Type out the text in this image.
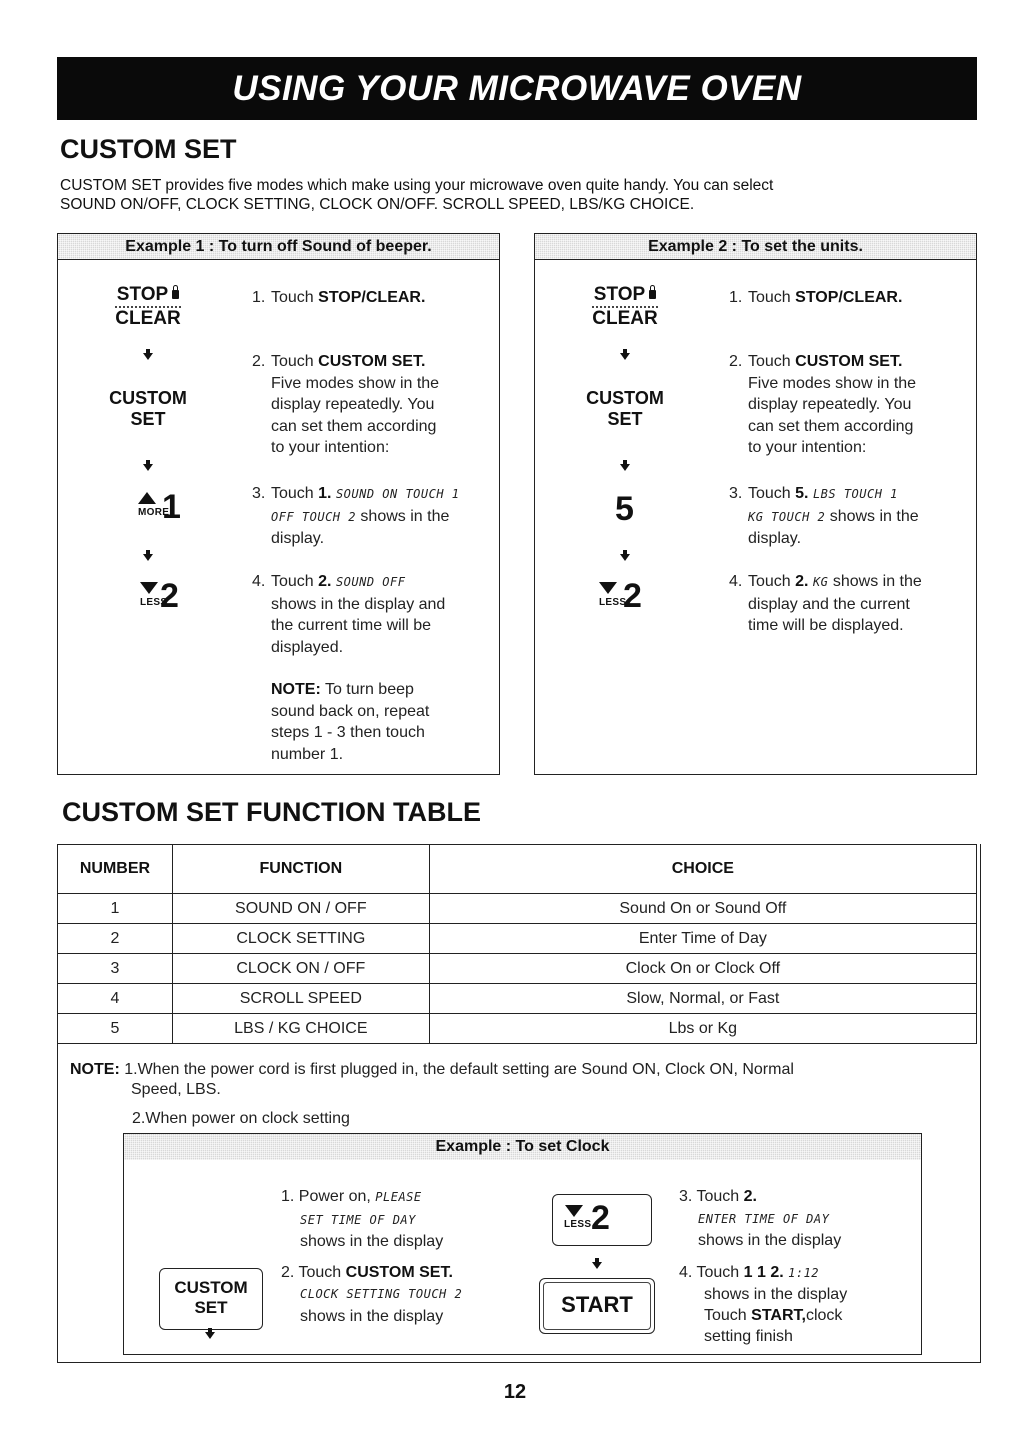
USING YOUR MICROWAVE OVEN
CUSTOM SET
CUSTOM SET provides five modes which make using your microwave oven quite handy. You can select
SOUND ON/OFF, CLOCK SETTING, CLOCK ON/OFF. SCROLL SPEED, LBS/KG CHOICE.
Example 1 : To turn off Sound of beeper.
STOP
CLEAR
CUSTOM
SET
MORE
1
LESS
2
1. Touch STOP/CLEAR.
2. Touch CUSTOM SET.
Five modes show in the
display repeatedly. You
can set them according
to your intention:
3. Touch 1. SOUND ON TOUCH 1
OFF TOUCH 2 shows in the
display.
4. Touch 2. SOUND OFF
shows in the display and
the current time will be
displayed.
NOTE: To turn beep
sound back on, repeat
steps 1 - 3 then touch
number 1.
Example 2 : To set the units.
STOP
CLEAR
CUSTOM
SET
5
LESS
2
1. Touch STOP/CLEAR.
2. Touch CUSTOM SET.
Five modes show in the
display repeatedly. You
can set them according
to your intention:
3. Touch 5. LBS TOUCH 1
KG TOUCH 2 shows in the
display.
4. Touch 2. KG shows in the
display and the current
time will be displayed.
CUSTOM SET FUNCTION TABLE
NUMBER	FUNCTION	CHOICE
1	SOUND ON / OFF	Sound On or Sound Off
2	CLOCK SETTING	Enter Time of Day
3	CLOCK ON / OFF	Clock On or Clock Off
4	SCROLL SPEED	Slow, Normal, or Fast
5	LBS / KG CHOICE	Lbs or Kg
NOTE: 1.When the power cord is first plugged in, the default setting are Sound ON, Clock ON, Normal
Speed, LBS.
2.When power on clock setting
Example : To set Clock
CUSTOM
SET
1. Power on, PLEASE
SET TIME OF DAY
shows in the display
2. Touch CUSTOM SET.
CLOCK SETTING TOUCH 2
shows in the display
LESS 2
START
3. Touch 2.
ENTER TIME OF DAY
shows in the display
4. Touch 1 1 2. 1:12
shows in the display
Touch START,clock
setting finish
12
